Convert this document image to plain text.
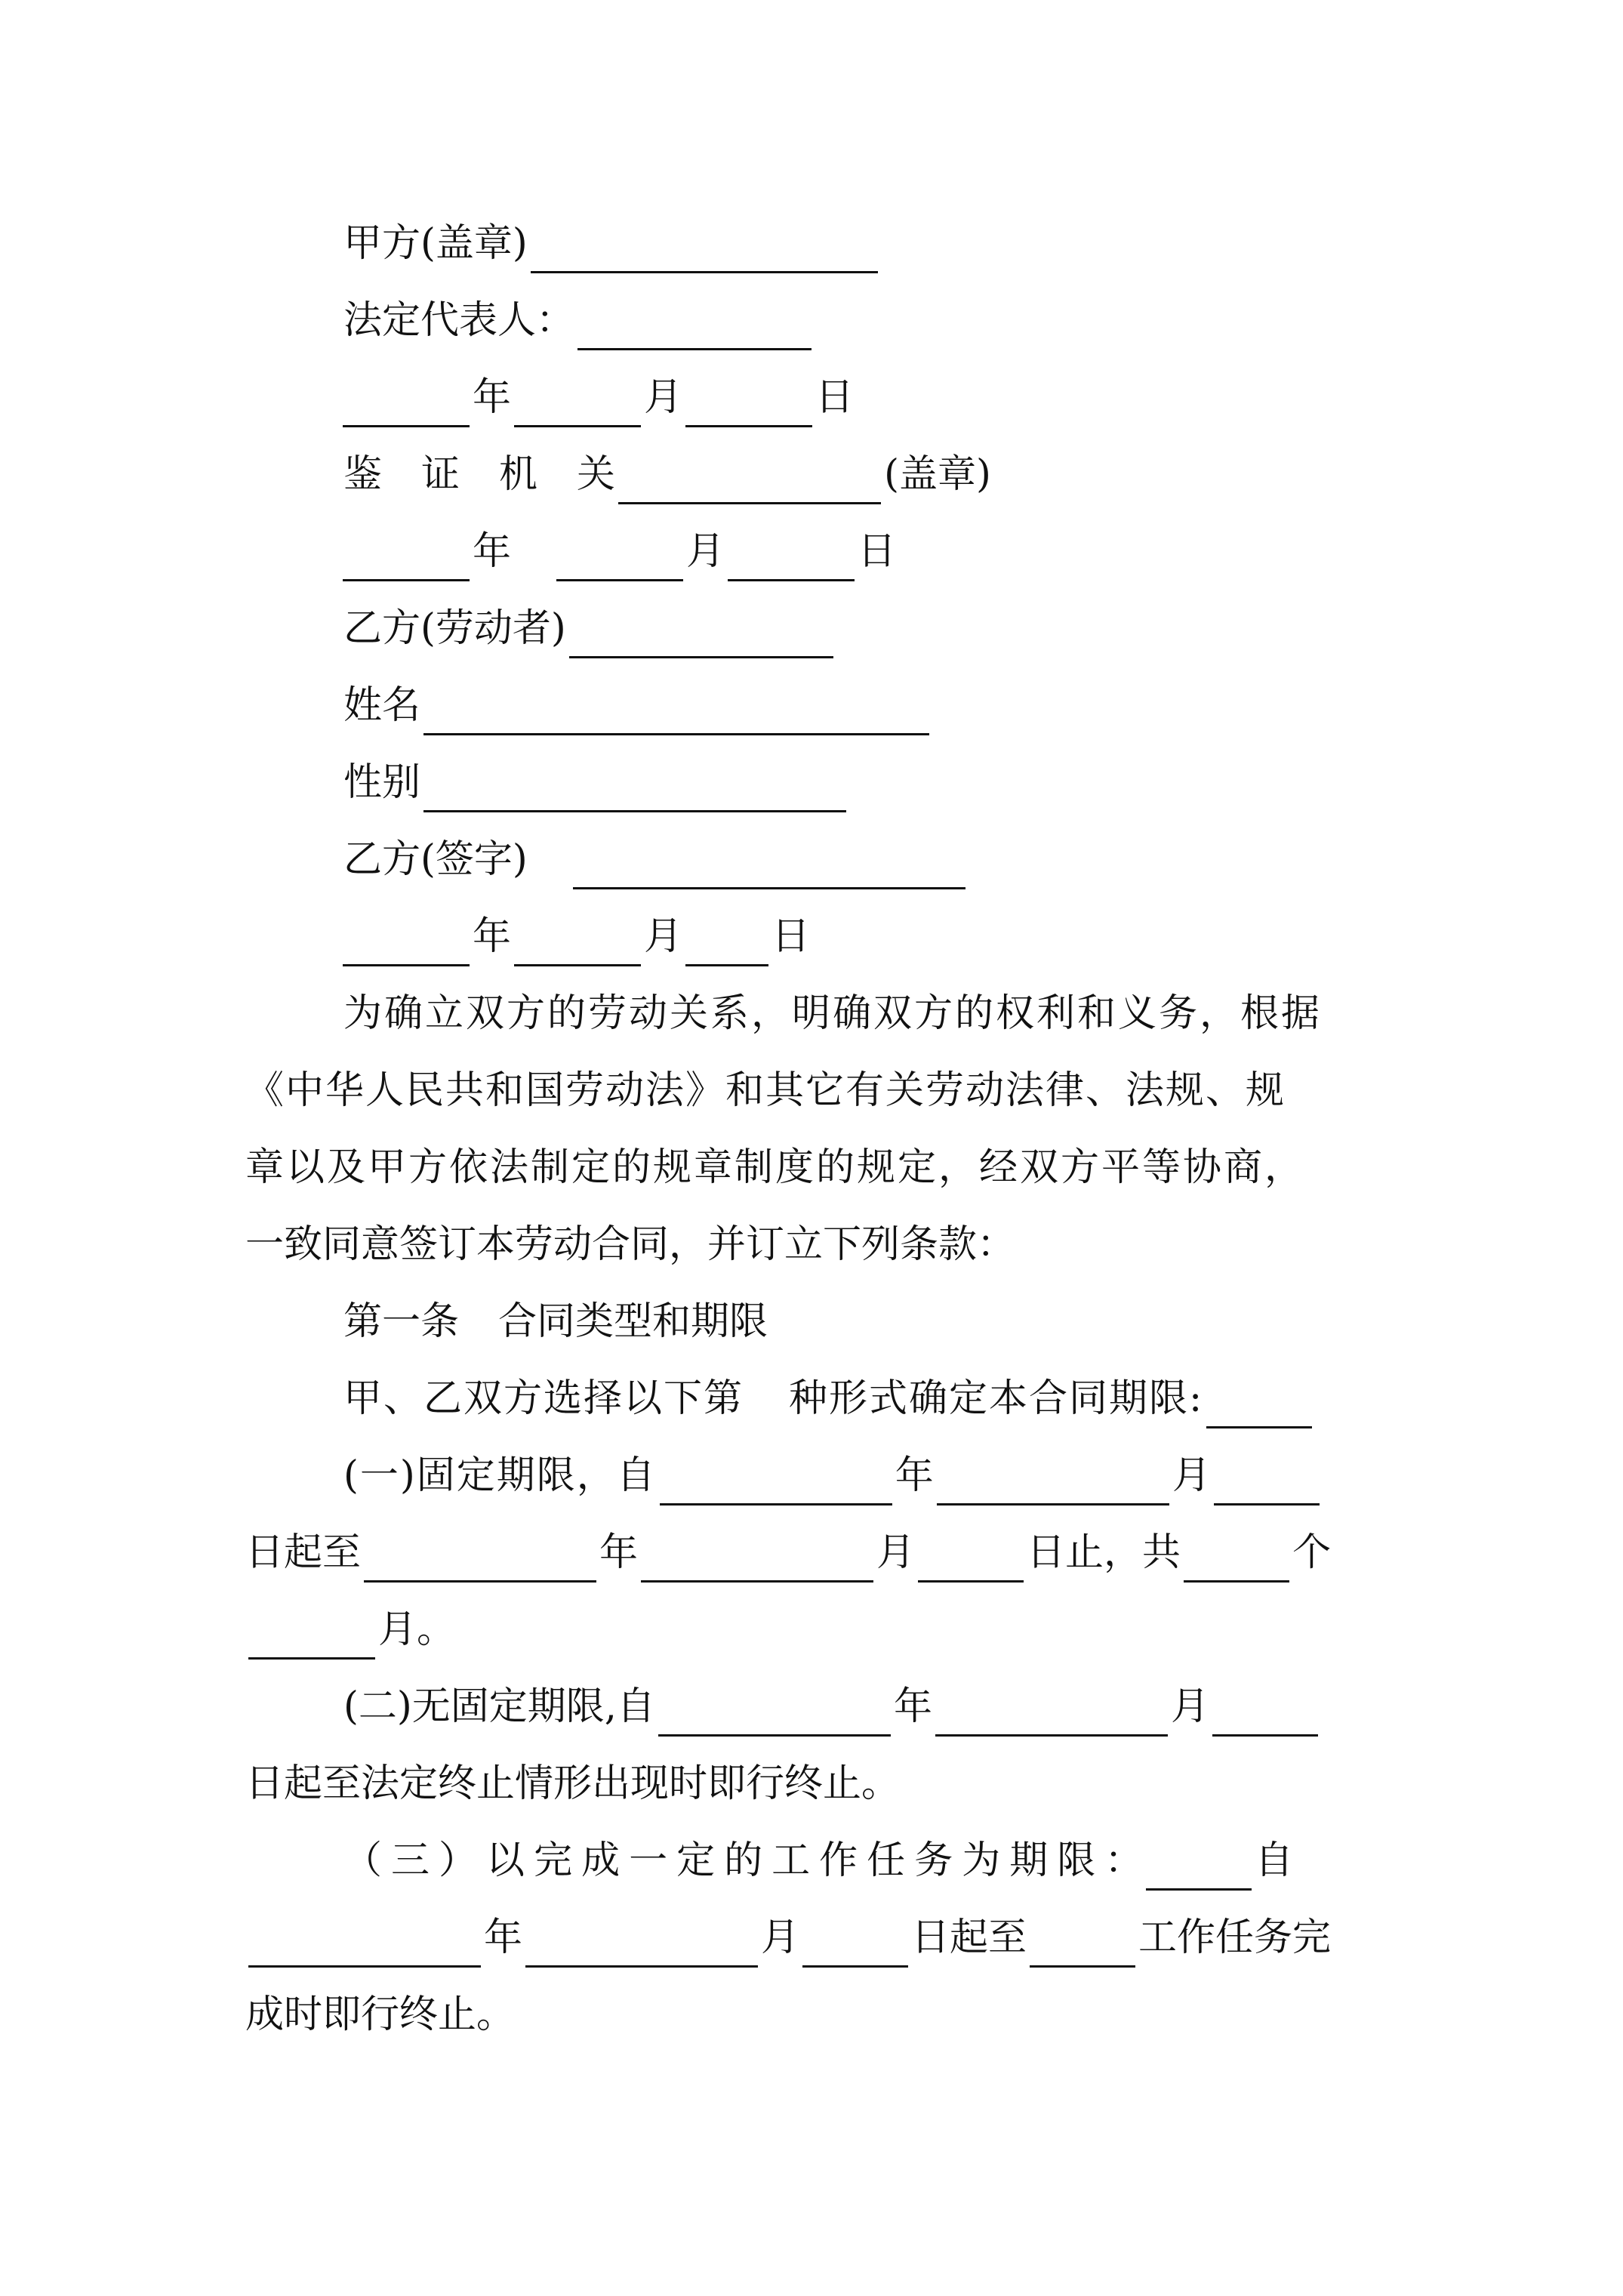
甲方(盖章)
法定代表人：
年	月	日
鉴 证 机 关	(盖章)
年	月	日
乙方(劳动者)
姓名
性别
乙方(签字)
年	月 日
为确立双方的劳动关系，明确双方的权利和义务，根据
《中华人民共和国劳动法》和其它有关劳动法律、法规、规
章以及甲方依法制定的规章制度的规定，经双方平等协商，
一致同意签订本劳动合同，并订立下列条款：
第一条 合同类型和期限
甲、乙双方选择以下第 种形式确定本合同期限:
(一)固定期限，自	年	月
日起至	年	月	日止，共	个
月。
(二)无固定期限,自	年	月
日起至法定终止情形出现时即行终止。
（ 三 ） 以 完 成 一 定 的 工 作 任 务 为 期 限 ：	自
年	月	日起至	工作任务完
成时即行终止。
